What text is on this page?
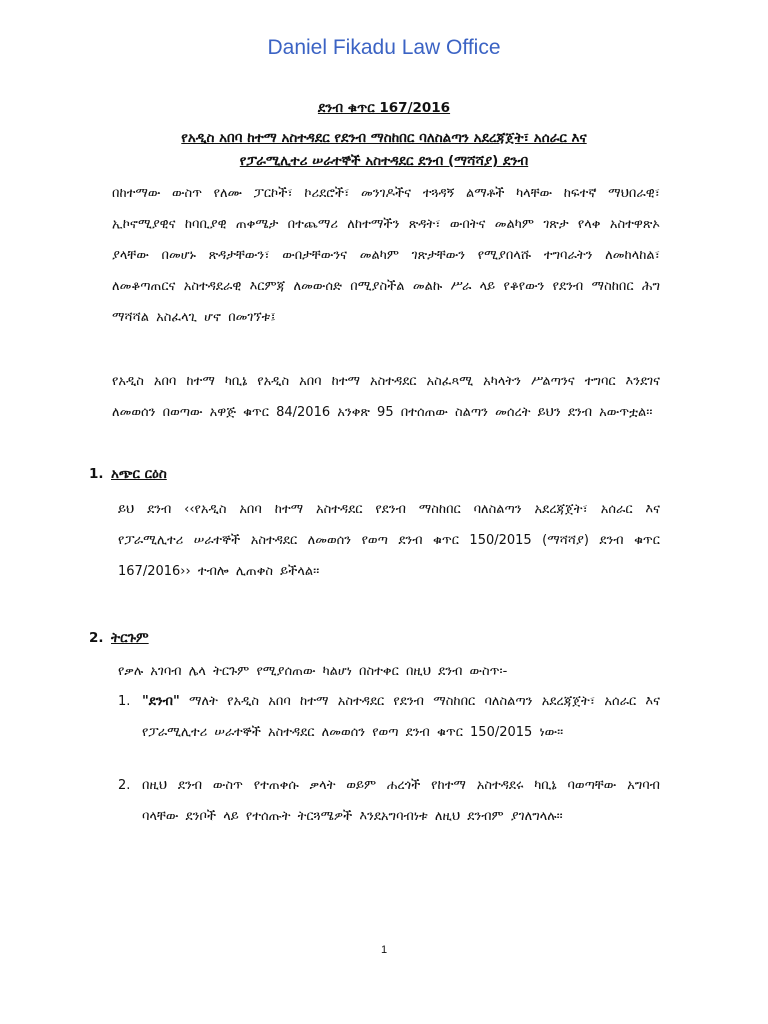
Daniel Fikadu Law Office
ደንብ ቁጥር 167/2016
የአዲስ አበባ ከተማ አስተዳደር የደንብ ማስከበር ባለስልጣን አደረጃጀት፣ አሰራር እና
የፓራሚሊተሪ ሠራተኞች አስተዳደር ደንብ (ማሻሻያ) ደንብ
በከተማው ውስጥ የለሙ ፓርኮች፣ ኮሪደሮች፣ መንገዶችና ተጓዳኝ ልማቶች ካላቸው ከፍተኛ ማህበራዊ፣ ኢኮኖሚያዊና ከባቢያዊ ጠቀሜታ በተጨማሪ ለከተማችን ጽዳት፣ ውበትና መልካም ገጽታ የላቀ አስተዋጽኦ ያላቸው በመሆኑ ጽዳታቸውን፣ ውበታቸውንና መልካም ገጽታቸውን የሚያበላሹ ተግባራትን ለመከላከል፣ ለመቆጣጠርና አስተዳደራዊ እርምጃ ለመውሰድ በሚያስችል መልኩ ሥራ ላይ የቆየውን የደንብ ማስከበር ሕግ ማሻሻል አስፈላጊ ሆኖ በመገኘቱ፤
የአዲስ አበባ ከተማ ካቢኔ የአዲስ አበባ ከተማ አስተዳደር አስፈጻሚ አካላትን ሥልጣንና ተግባር እንደገና ለመወሰን በወጣው አዋጅ ቁጥር 84/2016 አንቀጽ 95 በተሰጠው ስልጣን መሰረት ይህን ደንብ አውጥቷል፡፡
1. አጭር ርዕስ
ይህ ደንብ ‹‹የአዲስ አበባ ከተማ አስተዳደር የደንብ ማስከበር ባለስልጣን አደረጃጀት፣ አሰራር እና የፓራሚሊተሪ ሠራተኞች አስተዳደር ለመወሰን የወጣ ደንብ ቁጥር 150/2015 (ማሻሻያ) ደንብ ቁጥር 167/2016›› ተብሎ ሊጠቀስ ይችላል፡፡
2. ትርጉም
የቃሉ አገባብ ሌላ ትርጉም የሚያሰጠው ካልሆነ በስተቀር በዚህ ደንብ ውስጥ፡-
1. "ደንብ" ማለት የአዲስ አበባ ከተማ አስተዳደር የደንብ ማስከበር ባለስልጣን አደረጃጀት፣ አሰራር እና የፓራሚሊተሪ ሠራተኞች አስተዳደር ለመወሰን የወጣ ደንብ ቁጥር 150/2015 ነው፡፡
2. በዚህ ደንብ ውስጥ የተጠቀሱ ቃላት ወይም ሐረጎች የከተማ አስተዳደሩ ካቢኔ ባወጣቸው አግባብ ባላቸው ደንቦች ላይ የተሰጡት ትርጓሜዎች እንደአግባብነቱ ለዚህ ደንብም ያገለግላሉ፡፡
1
